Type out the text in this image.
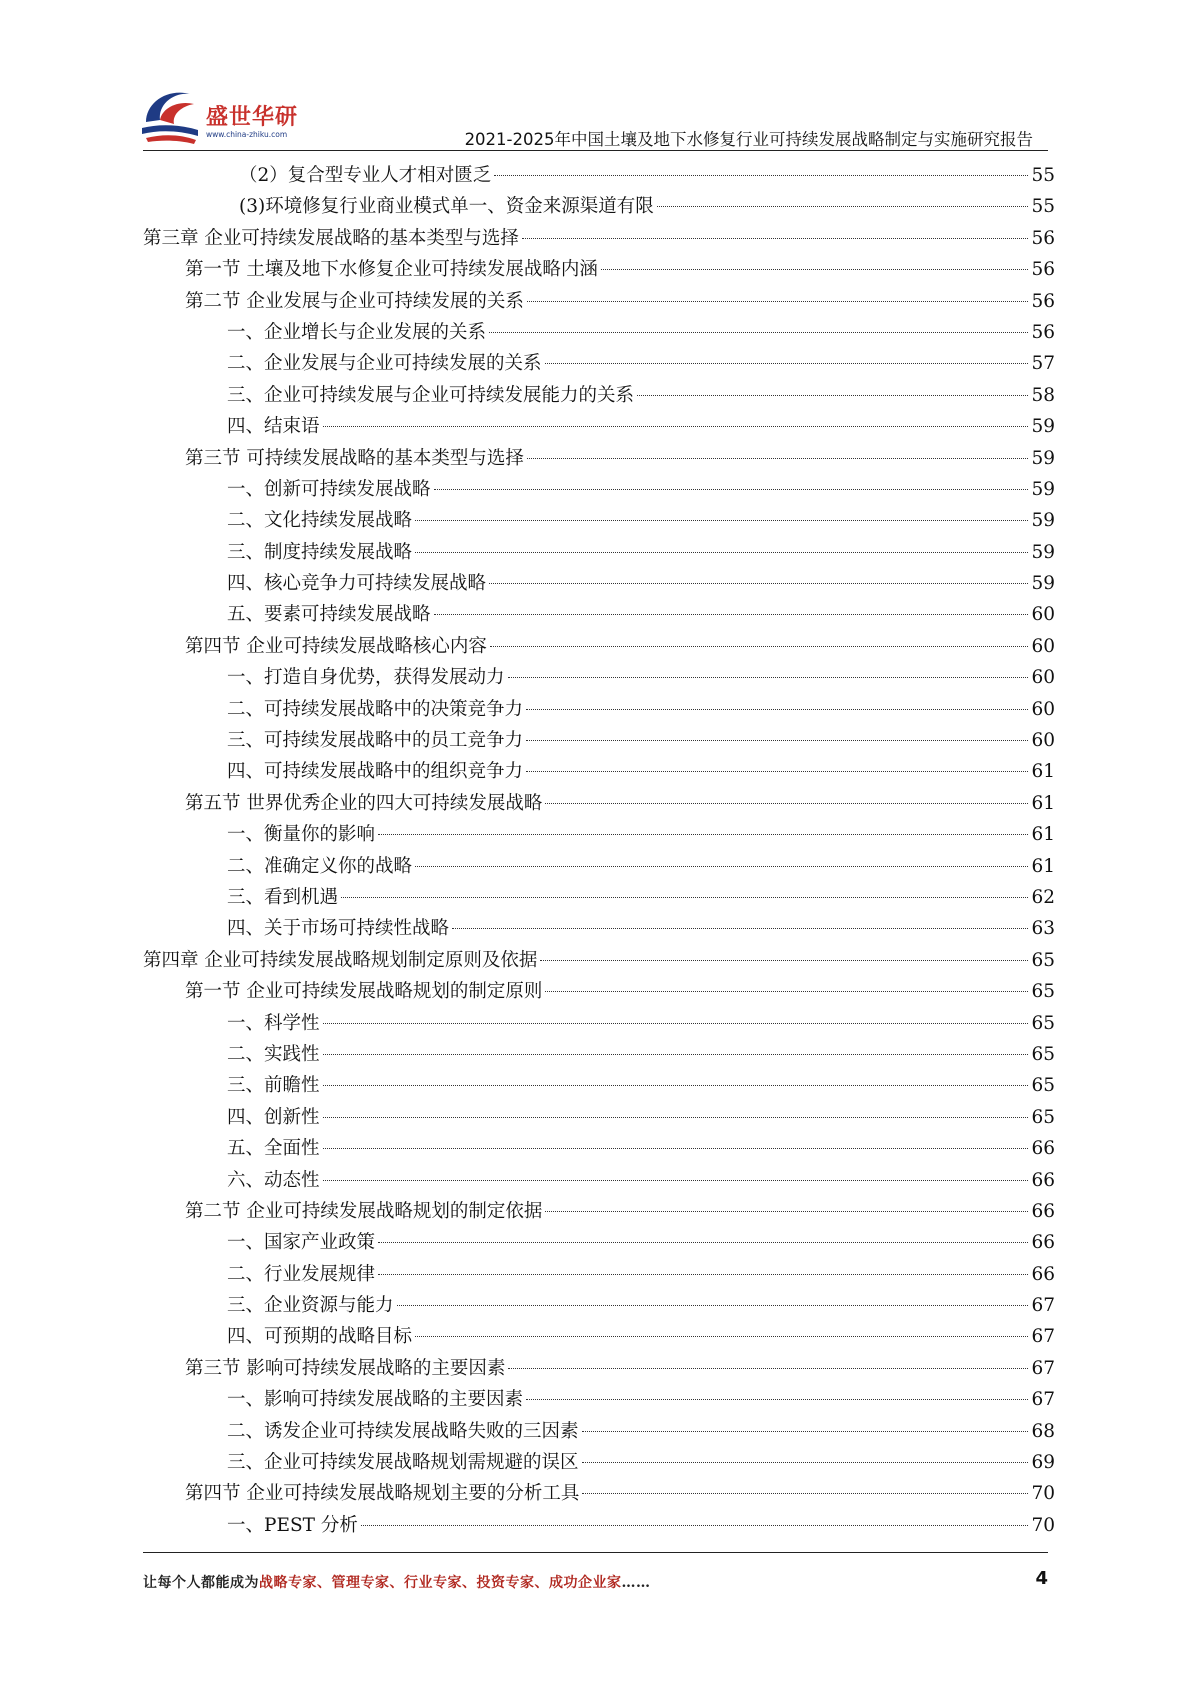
盛世华研
www.china-zhiku.com	2021-2025年中国土壤及地下水修复行业可持续发展战略制定与实施研究报告
（2）复合型专业人才相对匮乏	55
(3)环境修复行业商业模式单一、资金来源渠道有限	55
第三章 企业可持续发展战略的基本类型与选择	56
第一节 土壤及地下水修复企业可持续发展战略内涵	56
第二节 企业发展与企业可持续发展的关系	56
一、企业增长与企业发展的关系	56
二、企业发展与企业可持续发展的关系	57
三、企业可持续发展与企业可持续发展能力的关系	58
四、结束语	59
第三节 可持续发展战略的基本类型与选择	59
一、创新可持续发展战略	59
二、文化持续发展战略	59
三、制度持续发展战略	59
四、核心竞争力可持续发展战略	59
五、要素可持续发展战略	60
第四节 企业可持续发展战略核心内容	60
一、打造自身优势，获得发展动力	60
二、可持续发展战略中的决策竞争力	60
三、可持续发展战略中的员工竞争力	60
四、可持续发展战略中的组织竞争力	61
第五节 世界优秀企业的四大可持续发展战略	61
一、衡量你的影响	61
二、准确定义你的战略	61
三、看到机遇	62
四、关于市场可持续性战略	63
第四章 企业可持续发展战略规划制定原则及依据	65
第一节 企业可持续发展战略规划的制定原则	65
一、科学性	65
二、实践性	65
三、前瞻性	65
四、创新性	65
五、全面性	66
六、动态性	66
第二节 企业可持续发展战略规划的制定依据	66
一、国家产业政策	66
二、行业发展规律	66
三、企业资源与能力	67
四、可预期的战略目标	67
第三节 影响可持续发展战略的主要因素	67
一、影响可持续发展战略的主要因素	67
二、诱发企业可持续发展战略失败的三因素	68
三、企业可持续发展战略规划需规避的误区	69
第四节 企业可持续发展战略规划主要的分析工具	70
一、PEST 分析	70
让每个人都能成为战略专家、管理专家、行业专家、投资专家、成功企业家……	4
